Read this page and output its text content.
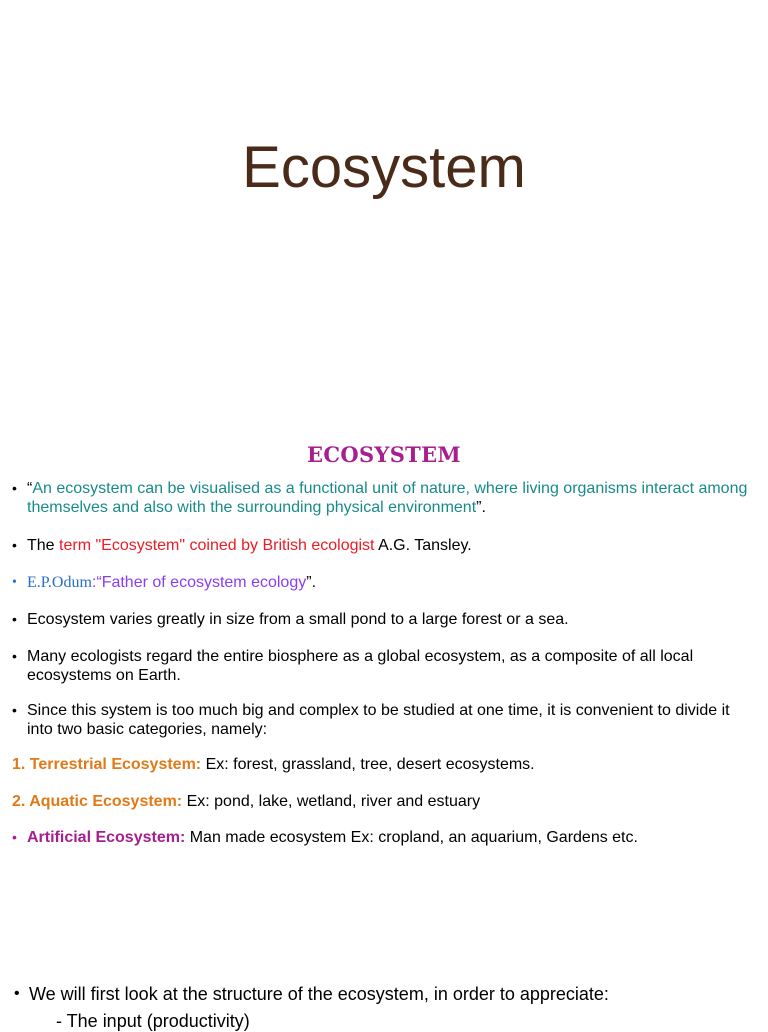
Ecosystem
ECOSYSTEM
• “An ecosystem can be visualised as a functional unit of nature, where living organisms interact among themselves and also with the surrounding physical environment”.
• The term "Ecosystem" coined by British ecologist A.G. Tansley.
• E.P.Odum:“Father of ecosystem ecology”.
• Ecosystem varies greatly in size from a small pond to a large forest or a sea.
• Many ecologists regard the entire biosphere as a global ecosystem, as a composite of all local ecosystems on Earth.
• Since this system is too much big and complex to be studied at one time, it is convenient to divide it into two basic categories, namely:
1. Terrestrial Ecosystem: Ex: forest, grassland, tree, desert ecosystems.
2. Aquatic Ecosystem: Ex: pond, lake, wetland, river and estuary
• Artificial Ecosystem: Man made ecosystem Ex: cropland, an aquarium, Gardens etc.
• We will first look at the structure of the ecosystem, in order to appreciate:
- The input (productivity)
